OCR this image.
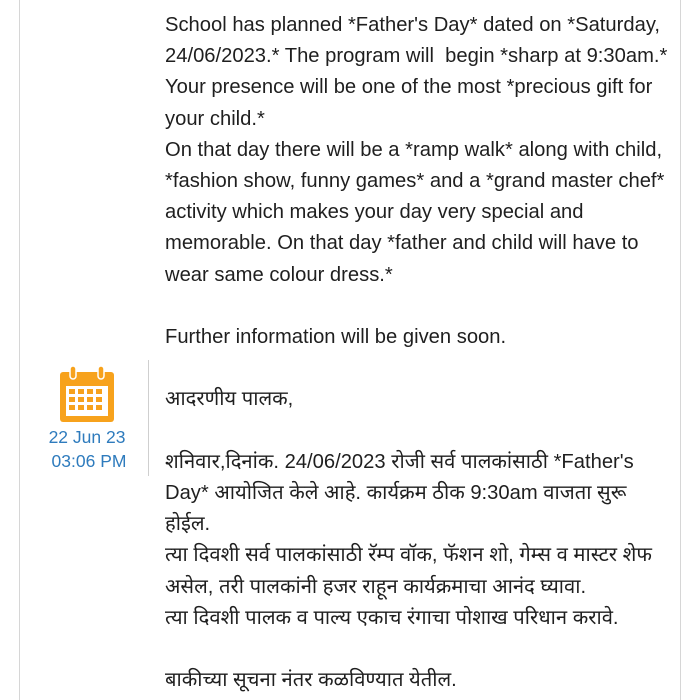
School has planned *Father's Day* dated on *Saturday, 24/06/2023.* The program will  begin *sharp at 9:30am.* Your presence will be one of the most *precious gift for your child.*

On that day there will be a *ramp walk* along with child, *fashion show, funny games* and a *grand master chef* activity which makes your day very special and memorable. On that day *father and child will have to wear same colour dress.*

Further information will be given soon.

आदरणीय पालक,

शनिवार,दिनांक. 24/06/2023 रोजी सर्व पालकांसाठी *Father's Day* आयोजित केले आहे. कार्यक्रम ठीक 9:30am वाजता सुरू होईल.

त्या दिवशी सर्व पालकांसाठी रॅम्प वॉक, फॅशन शो, गेम्स व मास्टर शेफ असेल, तरी पालकांनी हजर राहून कार्यक्रमाचा आनंद घ्यावा.

त्या दिवशी पालक व पाल्य एकाच रंगाचा पोशाख परिधान करावे.

बाकीच्या सूचना नंतर कळविण्यात येतील.

22 Jun 23
03:06 PM
